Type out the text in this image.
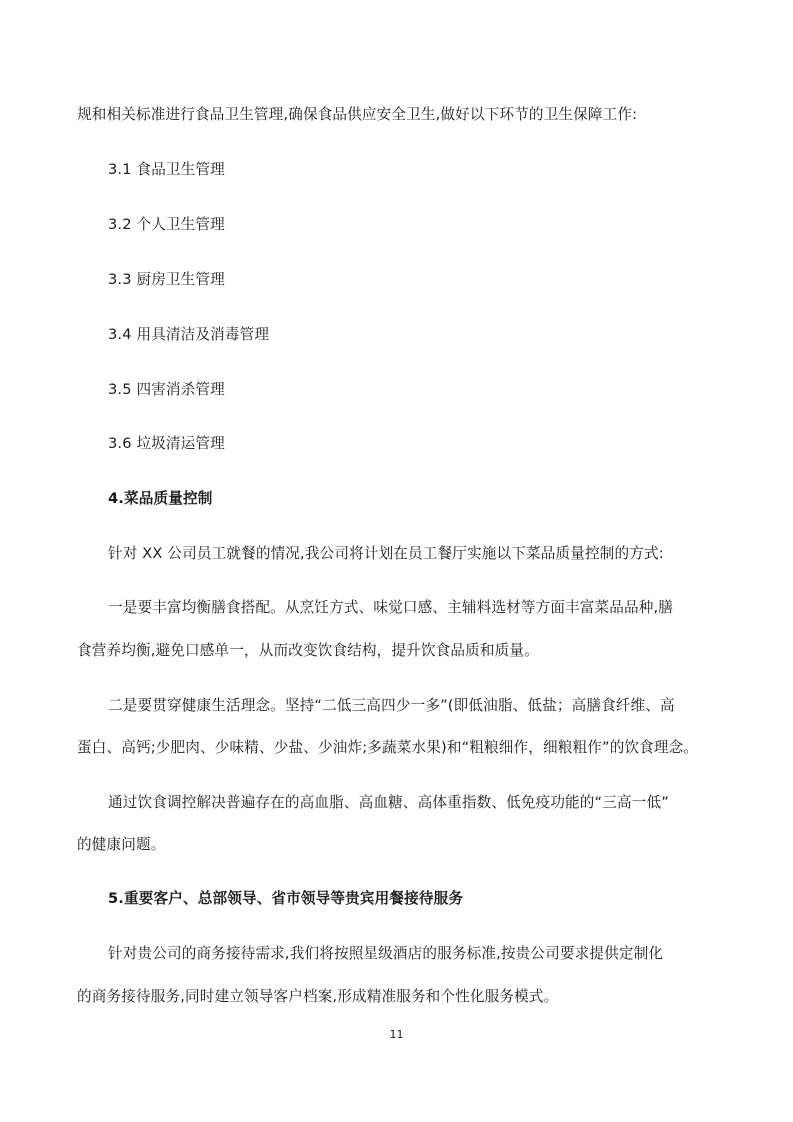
规和相关标准进行食品卫生管理,确保食品供应安全卫生,做好以下环节的卫生保障工作:
3.1 食品卫生管理
3.2 个人卫生管理
3.3 厨房卫生管理
3.4 用具清洁及消毒管理
3.5 四害消杀管理
3.6 垃圾清运管理
4.菜品质量控制
针对 XX 公司员工就餐的情况,我公司将计划在员工餐厅实施以下菜品质量控制的方式:
一是要丰富均衡膳食搭配。从烹饪方式、味觉口感、主辅料选材等方面丰富菜品品种,膳
食营养均衡,避免口感单一，从而改变饮食结构，提升饮食品质和质量。
二是要贯穿健康生活理念。坚持“二低三高四少一多”(即低油脂、低盐；高膳食纤维、高
蛋白、高钙;少肥肉、少味精、少盐、少油炸;多蔬菜水果)和“粗粮细作，细粮粗作”的饮食理念。
通过饮食调控解决普遍存在的高血脂、高血糖、高体重指数、低免疫功能的“三高一低”
的健康问题。
5.重要客户、总部领导、省市领导等贵宾用餐接待服务
针对贵公司的商务接待需求,我们将按照星级酒店的服务标准,按贵公司要求提供定制化
的商务接待服务,同时建立领导客户档案,形成精准服务和个性化服务模式。
11
